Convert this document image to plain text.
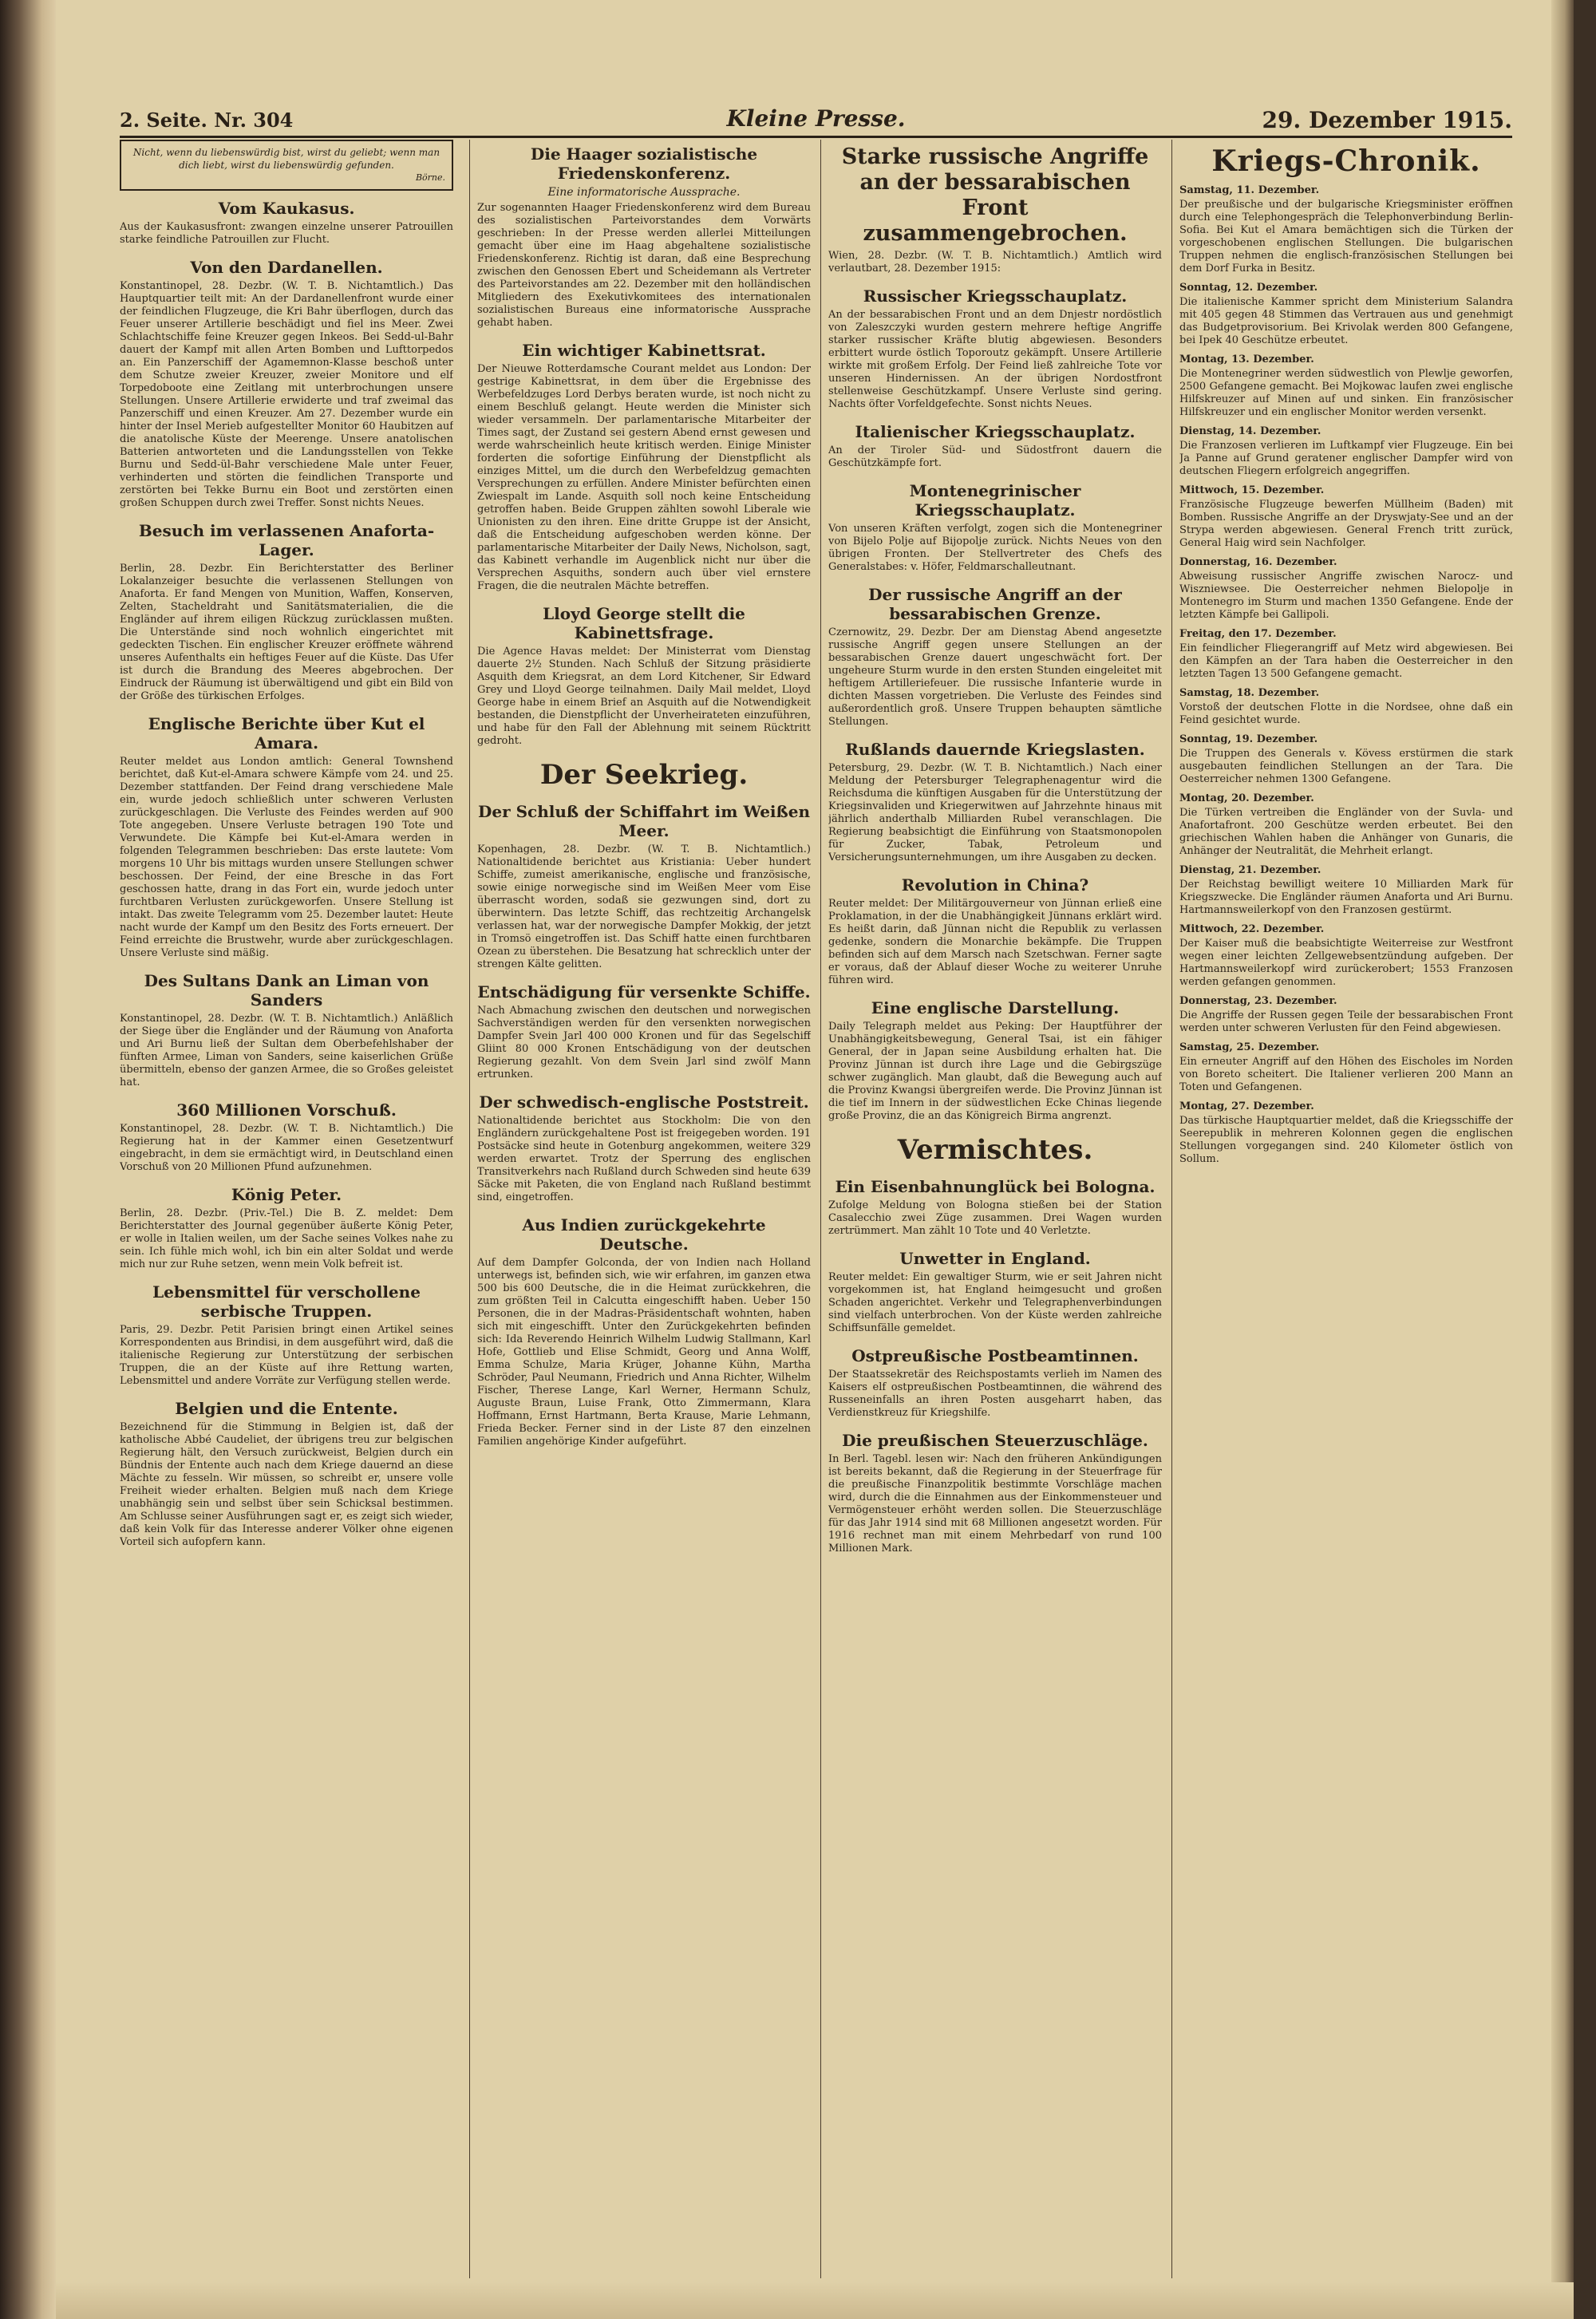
2. Seite. Nr. 304	Kleine Presse.	29. Dezember 1915.
Nicht, wenn du liebenswürdig bist, wirst du geliebt; wenn man dich liebt, wirst du liebenswürdig gefunden.
Börne.
Vom Kaukasus.

Aus der Kaukasusfront: zwangen einzelne unserer Patrouillen starke feindliche Patrouillen zur Flucht.

Von den Dardanellen.

Konstantinopel, 28. Dezbr. (W. T. B. Nichtamtlich.) Das Hauptquartier teilt mit: An der Dardanellenfront wurde einer der feindlichen Flugzeuge, die Kri Bahr überflogen, durch das Feuer unserer Artillerie beschädigt und fiel ins Meer. Zwei Schlachtschiffe feine Kreuzer gegen Inkeos. Bei Sedd-ul-Bahr dauert der Kampf mit allen Arten Bomben und Lufttorpedos an. Ein Panzerschiff der Agamemnon-Klasse beschoß unter dem Schutze zweier Kreuzer, zweier Monitore und elf Torpedoboote eine Zeitlang mit unterbrochungen unsere Stellungen. Unsere Artillerie erwiderte und traf zweimal das Panzerschiff und einen Kreuzer. Am 27. Dezember wurde ein hinter der Insel Merieb aufgestellter Monitor 60 Haubitzen auf die anatolische Küste der Meerenge. Unsere anatolischen Batterien antworteten und die Landungsstellen von Tekke Burnu und Sedd-ül-Bahr verschiedene Male unter Feuer, verhinderten und störten die feindlichen Transporte und zerstörten bei Tekke Burnu ein Boot und zerstörten einen großen Schuppen durch zwei Treffer. Sonst nichts Neues.

Besuch im verlassenen Anaforta-Lager.

Berlin, 28. Dezbr. Ein Berichterstatter des Berliner Lokalanzeiger besuchte die verlassenen Stellungen von Anaforta. Er fand Mengen von Munition, Waffen, Konserven, Zelten, Stacheldraht und Sanitätsmaterialien, die die Engländer auf ihrem eiligen Rückzug zurücklassen mußten. Die Unterstände sind noch wohnlich eingerichtet mit gedeckten Tischen. Ein englischer Kreuzer eröffnete während unseres Aufenthalts ein heftiges Feuer auf die Küste. Das Ufer ist durch die Brandung des Meeres abgebrochen. Der Eindruck der Räumung ist überwältigend und gibt ein Bild von der Größe des türkischen Erfolges.

Englische Berichte über Kut el Amara.

Reuter meldet aus London amtlich: General Townshend berichtet, daß Kut-el-Amara schwere Kämpfe vom 24. und 25. Dezember stattfanden. Der Feind drang verschiedene Male ein, wurde jedoch schließlich unter schweren Verlusten zurückgeschlagen. Die Verluste des Feindes werden auf 900 Tote angegeben. Unsere Verluste betragen 190 Tote und Verwundete. Die Kämpfe bei Kut-el-Amara werden in folgenden Telegrammen beschrieben: Das erste lautete: Vom morgens 10 Uhr bis mittags wurden unsere Stellungen schwer beschossen. Der Feind, der eine Bresche in das Fort geschossen hatte, drang in das Fort ein, wurde jedoch unter furchtbaren Verlusten zurückgeworfen. Unsere Stellung ist intakt. Das zweite Telegramm vom 25. Dezember lautet: Heute nacht wurde der Kampf um den Besitz des Forts erneuert. Der Feind erreichte die Brustwehr, wurde aber zurückgeschlagen. Unsere Verluste sind mäßig.

Des Sultans Dank an Liman von Sanders

Konstantinopel, 28. Dezbr. (W. T. B. Nichtamtlich.) Anläßlich der Siege über die Engländer und der Räumung von Anaforta und Ari Burnu ließ der Sultan dem Oberbefehlshaber der fünften Armee, Liman von Sanders, seine kaiserlichen Grüße übermitteln, ebenso der ganzen Armee, die so Großes geleistet hat.

360 Millionen Vorschuß.

Konstantinopel, 28. Dezbr. (W. T. B. Nichtamtlich.) Die Regierung hat in der Kammer einen Gesetzentwurf eingebracht, in dem sie ermächtigt wird, in Deutschland einen Vorschuß von 20 Millionen Pfund aufzunehmen.

König Peter.

Berlin, 28. Dezbr. (Priv.-Tel.) Die B. Z. meldet: Dem Berichterstatter des Journal gegenüber äußerte König Peter, er wolle in Italien weilen, um der Sache seines Volkes nahe zu sein. Ich fühle mich wohl, ich bin ein alter Soldat und werde mich nur zur Ruhe setzen, wenn mein Volk befreit ist.

Lebensmittel für verschollene serbische Truppen.

Paris, 29. Dezbr. Petit Parisien bringt einen Artikel seines Korrespondenten aus Brindisi, in dem ausgeführt wird, daß die italienische Regierung zur Unterstützung der serbischen Truppen, die an der Küste auf ihre Rettung warten, Lebensmittel und andere Vorräte zur Verfügung stellen werde.

Belgien und die Entente.

Bezeichnend für die Stimmung in Belgien ist, daß der katholische Abbé Caudeliet, der übrigens treu zur belgischen Regierung hält, den Versuch zurückweist, Belgien durch ein Bündnis der Entente auch nach dem Kriege dauernd an diese Mächte zu fesseln. Wir müssen, so schreibt er, unsere volle Freiheit wieder erhalten. Belgien muß nach dem Kriege unabhängig sein und selbst über sein Schicksal bestimmen. Am Schlusse seiner Ausführungen sagt er, es zeigt sich wieder, daß kein Volk für das Interesse anderer Völker ohne eigenen Vorteil sich aufopfern kann.

Die Haager sozialistische Friedenskonferenz.
Eine informatorische Aussprache.

Zur sogenannten Haager Friedenskonferenz wird dem Bureau des sozialistischen Parteivorstandes dem Vorwärts geschrieben: In der Presse werden allerlei Mitteilungen gemacht über eine im Haag abgehaltene sozialistische Friedenskonferenz. Richtig ist daran, daß eine Besprechung zwischen den Genossen Ebert und Scheidemann als Vertreter des Parteivorstandes am 22. Dezember mit den holländischen Mitgliedern des Exekutivkomitees des internationalen sozialistischen Bureaus eine informatorische Aussprache gehabt haben.

Ein wichtiger Kabinettsrat.

Der Nieuwe Rotterdamsche Courant meldet aus London: Der gestrige Kabinettsrat, in dem über die Ergebnisse des Werbefeldzuges Lord Derbys beraten wurde, ist noch nicht zu einem Beschluß gelangt. Heute werden die Minister sich wieder versammeln. Der parlamentarische Mitarbeiter der Times sagt, der Zustand sei gestern Abend ernst gewesen und werde wahrscheinlich heute kritisch werden. Einige Minister forderten die sofortige Einführung der Dienstpflicht als einziges Mittel, um die durch den Werbefeldzug gemachten Versprechungen zu erfüllen. Andere Minister befürchten einen Zwiespalt im Lande. Asquith soll noch keine Entscheidung getroffen haben. Beide Gruppen zählten sowohl Liberale wie Unionisten zu den ihren. Eine dritte Gruppe ist der Ansicht, daß die Entscheidung aufgeschoben werden könne. Der parlamentarische Mitarbeiter der Daily News, Nicholson, sagt, das Kabinett verhandle im Augenblick nicht nur über die Versprechen Asquiths, sondern auch über viel ernstere Fragen, die die neutralen Mächte betreffen.

Lloyd George stellt die Kabinettsfrage.

Die Agence Havas meldet: Der Ministerrat vom Dienstag dauerte 2½ Stunden. Nach Schluß der Sitzung präsidierte Asquith dem Kriegsrat, an dem Lord Kitchener, Sir Edward Grey und Lloyd George teilnahmen. Daily Mail meldet, Lloyd George habe in einem Brief an Asquith auf die Notwendigkeit bestanden, die Dienstpflicht der Unverheirateten einzuführen, und habe für den Fall der Ablehnung mit seinem Rücktritt gedroht.

Der Seekrieg.
Der Schluß der Schiffahrt im Weißen Meer.

Kopenhagen, 28. Dezbr. (W. T. B. Nichtamtlich.) Nationaltidende berichtet aus Kristiania: Ueber hundert Schiffe, zumeist amerikanische, englische und französische, sowie einige norwegische sind im Weißen Meer vom Eise überrascht worden, sodaß sie gezwungen sind, dort zu überwintern. Das letzte Schiff, das rechtzeitig Archangelsk verlassen hat, war der norwegische Dampfer Mokkig, der jetzt in Tromsö eingetroffen ist. Das Schiff hatte einen furchtbaren Ozean zu überstehen. Die Besatzung hat schrecklich unter der strengen Kälte gelitten.

Entschädigung für versenkte Schiffe.

Nach Abmachung zwischen den deutschen und norwegischen Sachverständigen werden für den versenkten norwegischen Dampfer Svein Jarl 400 000 Kronen und für das Segelschiff Gliint 80 000 Kronen Entschädigung von der deutschen Regierung gezahlt. Von dem Svein Jarl sind zwölf Mann ertrunken.

Der schwedisch-englische Poststreit.

Nationaltidende berichtet aus Stockholm: Die von den Engländern zurückgehaltene Post ist freigegeben worden. 191 Postsäcke sind heute in Gotenburg angekommen, weitere 329 werden erwartet. Trotz der Sperrung des englischen Transitverkehrs nach Rußland durch Schweden sind heute 639 Säcke mit Paketen, die von England nach Rußland bestimmt sind, eingetroffen.

Aus Indien zurückgekehrte Deutsche.

Auf dem Dampfer Golconda, der von Indien nach Holland unterwegs ist, befinden sich, wie wir erfahren, im ganzen etwa 500 bis 600 Deutsche, die in die Heimat zurückkehren, die zum größten Teil in Calcutta eingeschifft haben. Ueber 150 Personen, die in der Madras-Präsidentschaft wohnten, haben sich mit eingeschifft. Unter den Zurückgekehrten befinden sich: Ida Reverendo Heinrich Wilhelm Ludwig Stallmann, Karl Hofe, Gottlieb und Elise Schmidt, Georg und Anna Wolff, Emma Schulze, Maria Krüger, Johanne Kühn, Martha Schröder, Paul Neumann, Friedrich und Anna Richter, Wilhelm Fischer, Therese Lange, Karl Werner, Hermann Schulz, Auguste Braun, Luise Frank, Otto Zimmermann, Klara Hoffmann, Ernst Hartmann, Berta Krause, Marie Lehmann, Frieda Becker. Ferner sind in der Liste 87 den einzelnen Familien angehörige Kinder aufgeführt.

Starke russische Angriffe an der bessarabischen Front zusammengebrochen.

Wien, 28. Dezbr. (W. T. B. Nichtamtlich.) Amtlich wird verlautbart, 28. Dezember 1915:

Russischer Kriegsschauplatz.

An der bessarabischen Front und an dem Dnjestr nordöstlich von Zaleszczyki wurden gestern mehrere heftige Angriffe starker russischer Kräfte blutig abgewiesen. Besonders erbittert wurde östlich Toporoutz gekämpft. Unsere Artillerie wirkte mit großem Erfolg. Der Feind ließ zahlreiche Tote vor unseren Hindernissen. An der übrigen Nordostfront stellenweise Geschützkampf. Unsere Verluste sind gering. Nachts öfter Vorfeldgefechte. Sonst nichts Neues.

Italienischer Kriegsschauplatz.

An der Tiroler Süd- und Südostfront dauern die Geschützkämpfe fort.

Montenegrinischer Kriegsschauplatz.

Von unseren Kräften verfolgt, zogen sich die Montenegriner von Bijelo Polje auf Bijopolje zurück. Nichts Neues von den übrigen Fronten. Der Stellvertreter des Chefs des Generalstabes: v. Höfer, Feldmarschalleutnant.

Der russische Angriff an der bessarabischen Grenze.

Czernowitz, 29. Dezbr. Der am Dienstag Abend angesetzte russische Angriff gegen unsere Stellungen an der bessarabischen Grenze dauert ungeschwächt fort. Der ungeheure Sturm wurde in den ersten Stunden eingeleitet mit heftigem Artilleriefeuer. Die russische Infanterie wurde in dichten Massen vorgetrieben. Die Verluste des Feindes sind außerordentlich groß. Unsere Truppen behaupten sämtliche Stellungen.

Rußlands dauernde Kriegslasten.

Petersburg, 29. Dezbr. (W. T. B. Nichtamtlich.) Nach einer Meldung der Petersburger Telegraphenagentur wird die Reichsduma die künftigen Ausgaben für die Unterstützung der Kriegsinvaliden und Kriegerwitwen auf Jahrzehnte hinaus mit jährlich anderthalb Milliarden Rubel veranschlagen. Die Regierung beabsichtigt die Einführung von Staatsmonopolen für Zucker, Tabak, Petroleum und Versicherungsunternehmungen, um ihre Ausgaben zu decken.

Revolution in China?

Reuter meldet: Der Militärgouverneur von Jünnan erließ eine Proklamation, in der die Unabhängigkeit Jünnans erklärt wird. Es heißt darin, daß Jünnan nicht die Republik zu verlassen gedenke, sondern die Monarchie bekämpfe. Die Truppen befinden sich auf dem Marsch nach Szetschwan. Ferner sagte er voraus, daß der Ablauf dieser Woche zu weiterer Unruhe führen wird.

Eine englische Darstellung.

Daily Telegraph meldet aus Peking: Der Hauptführer der Unabhängigkeitsbewegung, General Tsai, ist ein fähiger General, der in Japan seine Ausbildung erhalten hat. Die Provinz Jünnan ist durch ihre Lage und die Gebirgszüge schwer zugänglich. Man glaubt, daß die Bewegung auch auf die Provinz Kwangsi übergreifen werde. Die Provinz Jünnan ist die tief im Innern in der südwestlichen Ecke Chinas liegende große Provinz, die an das Königreich Birma angrenzt.

Vermischtes.
Ein Eisenbahnunglück bei Bologna.

Zufolge Meldung von Bologna stießen bei der Station Casalecchio zwei Züge zusammen. Drei Wagen wurden zertrümmert. Man zählt 10 Tote und 40 Verletzte.

Unwetter in England.

Reuter meldet: Ein gewaltiger Sturm, wie er seit Jahren nicht vorgekommen ist, hat England heimgesucht und großen Schaden angerichtet. Verkehr und Telegraphenverbindungen sind vielfach unterbrochen. Von der Küste werden zahlreiche Schiffsunfälle gemeldet.

Ostpreußische Postbeamtinnen.

Der Staatssekretär des Reichspostamts verlieh im Namen des Kaisers elf ostpreußischen Postbeamtinnen, die während des Russeneinfalls an ihren Posten ausgeharrt haben, das Verdienstkreuz für Kriegshilfe.

Die preußischen Steuerzuschläge.

In Berl. Tagebl. lesen wir: Nach den früheren Ankündigungen ist bereits bekannt, daß die Regierung in der Steuerfrage für die preußische Finanzpolitik bestimmte Vorschläge machen wird, durch die die Einnahmen aus der Einkommensteuer und Vermögensteuer erhöht werden sollen. Die Steuerzuschläge für das Jahr 1914 sind mit 68 Millionen angesetzt worden. Für 1916 rechnet man mit einem Mehrbedarf von rund 100 Millionen Mark.

Kriegs-Chronik.
Samstag, 11. Dezember.

Der preußische und der bulgarische Kriegsminister eröffnen durch eine Telephongespräch die Telephonverbindung Berlin-Sofia. Bei Kut el Amara bemächtigen sich die Türken der vorgeschobenen englischen Stellungen. Die bulgarischen Truppen nehmen die englisch-französischen Stellungen bei dem Dorf Furka in Besitz.

Sonntag, 12. Dezember.

Die italienische Kammer spricht dem Ministerium Salandra mit 405 gegen 48 Stimmen das Vertrauen aus und genehmigt das Budgetprovisorium. Bei Krivolak werden 800 Gefangene, bei Ipek 40 Geschütze erbeutet.

Montag, 13. Dezember.

Die Montenegriner werden südwestlich von Plewlje geworfen, 2500 Gefangene gemacht. Bei Mojkowac laufen zwei englische Hilfskreuzer auf Minen auf und sinken. Ein französischer Hilfskreuzer und ein englischer Monitor werden versenkt.

Dienstag, 14. Dezember.

Die Franzosen verlieren im Luftkampf vier Flugzeuge. Ein bei Ja Panne auf Grund geratener englischer Dampfer wird von deutschen Fliegern erfolgreich angegriffen.

Mittwoch, 15. Dezember.

Französische Flugzeuge bewerfen Müllheim (Baden) mit Bomben. Russische Angriffe an der Dryswjaty-See und an der Strypa werden abgewiesen. General French tritt zurück, General Haig wird sein Nachfolger.

Donnerstag, 16. Dezember.

Abweisung russischer Angriffe zwischen Narocz- und Wiszniewsee. Die Oesterreicher nehmen Bielopolje in Montenegro im Sturm und machen 1350 Gefangene. Ende der letzten Kämpfe bei Gallipoli.

Freitag, den 17. Dezember.

Ein feindlicher Fliegerangriff auf Metz wird abgewiesen. Bei den Kämpfen an der Tara haben die Oesterreicher in den letzten Tagen 13 500 Gefangene gemacht.

Samstag, 18. Dezember.

Vorstoß der deutschen Flotte in die Nordsee, ohne daß ein Feind gesichtet wurde.

Sonntag, 19. Dezember.

Die Truppen des Generals v. Kövess erstürmen die stark ausgebauten feindlichen Stellungen an der Tara. Die Oesterreicher nehmen 1300 Gefangene.

Montag, 20. Dezember.

Die Türken vertreiben die Engländer von der Suvla- und Anafortafront. 200 Geschütze werden erbeutet. Bei den griechischen Wahlen haben die Anhänger von Gunaris, die Anhänger der Neutralität, die Mehrheit erlangt.

Dienstag, 21. Dezember.

Der Reichstag bewilligt weitere 10 Milliarden Mark für Kriegszwecke. Die Engländer räumen Anaforta und Ari Burnu. Hartmannsweilerkopf von den Franzosen gestürmt.

Mittwoch, 22. Dezember.

Der Kaiser muß die beabsichtigte Weiterreise zur Westfront wegen einer leichten Zellgewebsentzündung aufgeben. Der Hartmannsweilerkopf wird zurückerobert; 1553 Franzosen werden gefangen genommen.

Donnerstag, 23. Dezember.

Die Angriffe der Russen gegen Teile der bessarabischen Front werden unter schweren Verlusten für den Feind abgewiesen.

Samstag, 25. Dezember.

Ein erneuter Angriff auf den Höhen des Eischoles im Norden von Boreto scheitert. Die Italiener verlieren 200 Mann an Toten und Gefangenen.

Montag, 27. Dezember.

Das türkische Hauptquartier meldet, daß die Kriegsschiffe der Seerepublik in mehreren Kolonnen gegen die englischen Stellungen vorgegangen sind. 240 Kilometer östlich von Sollum.
